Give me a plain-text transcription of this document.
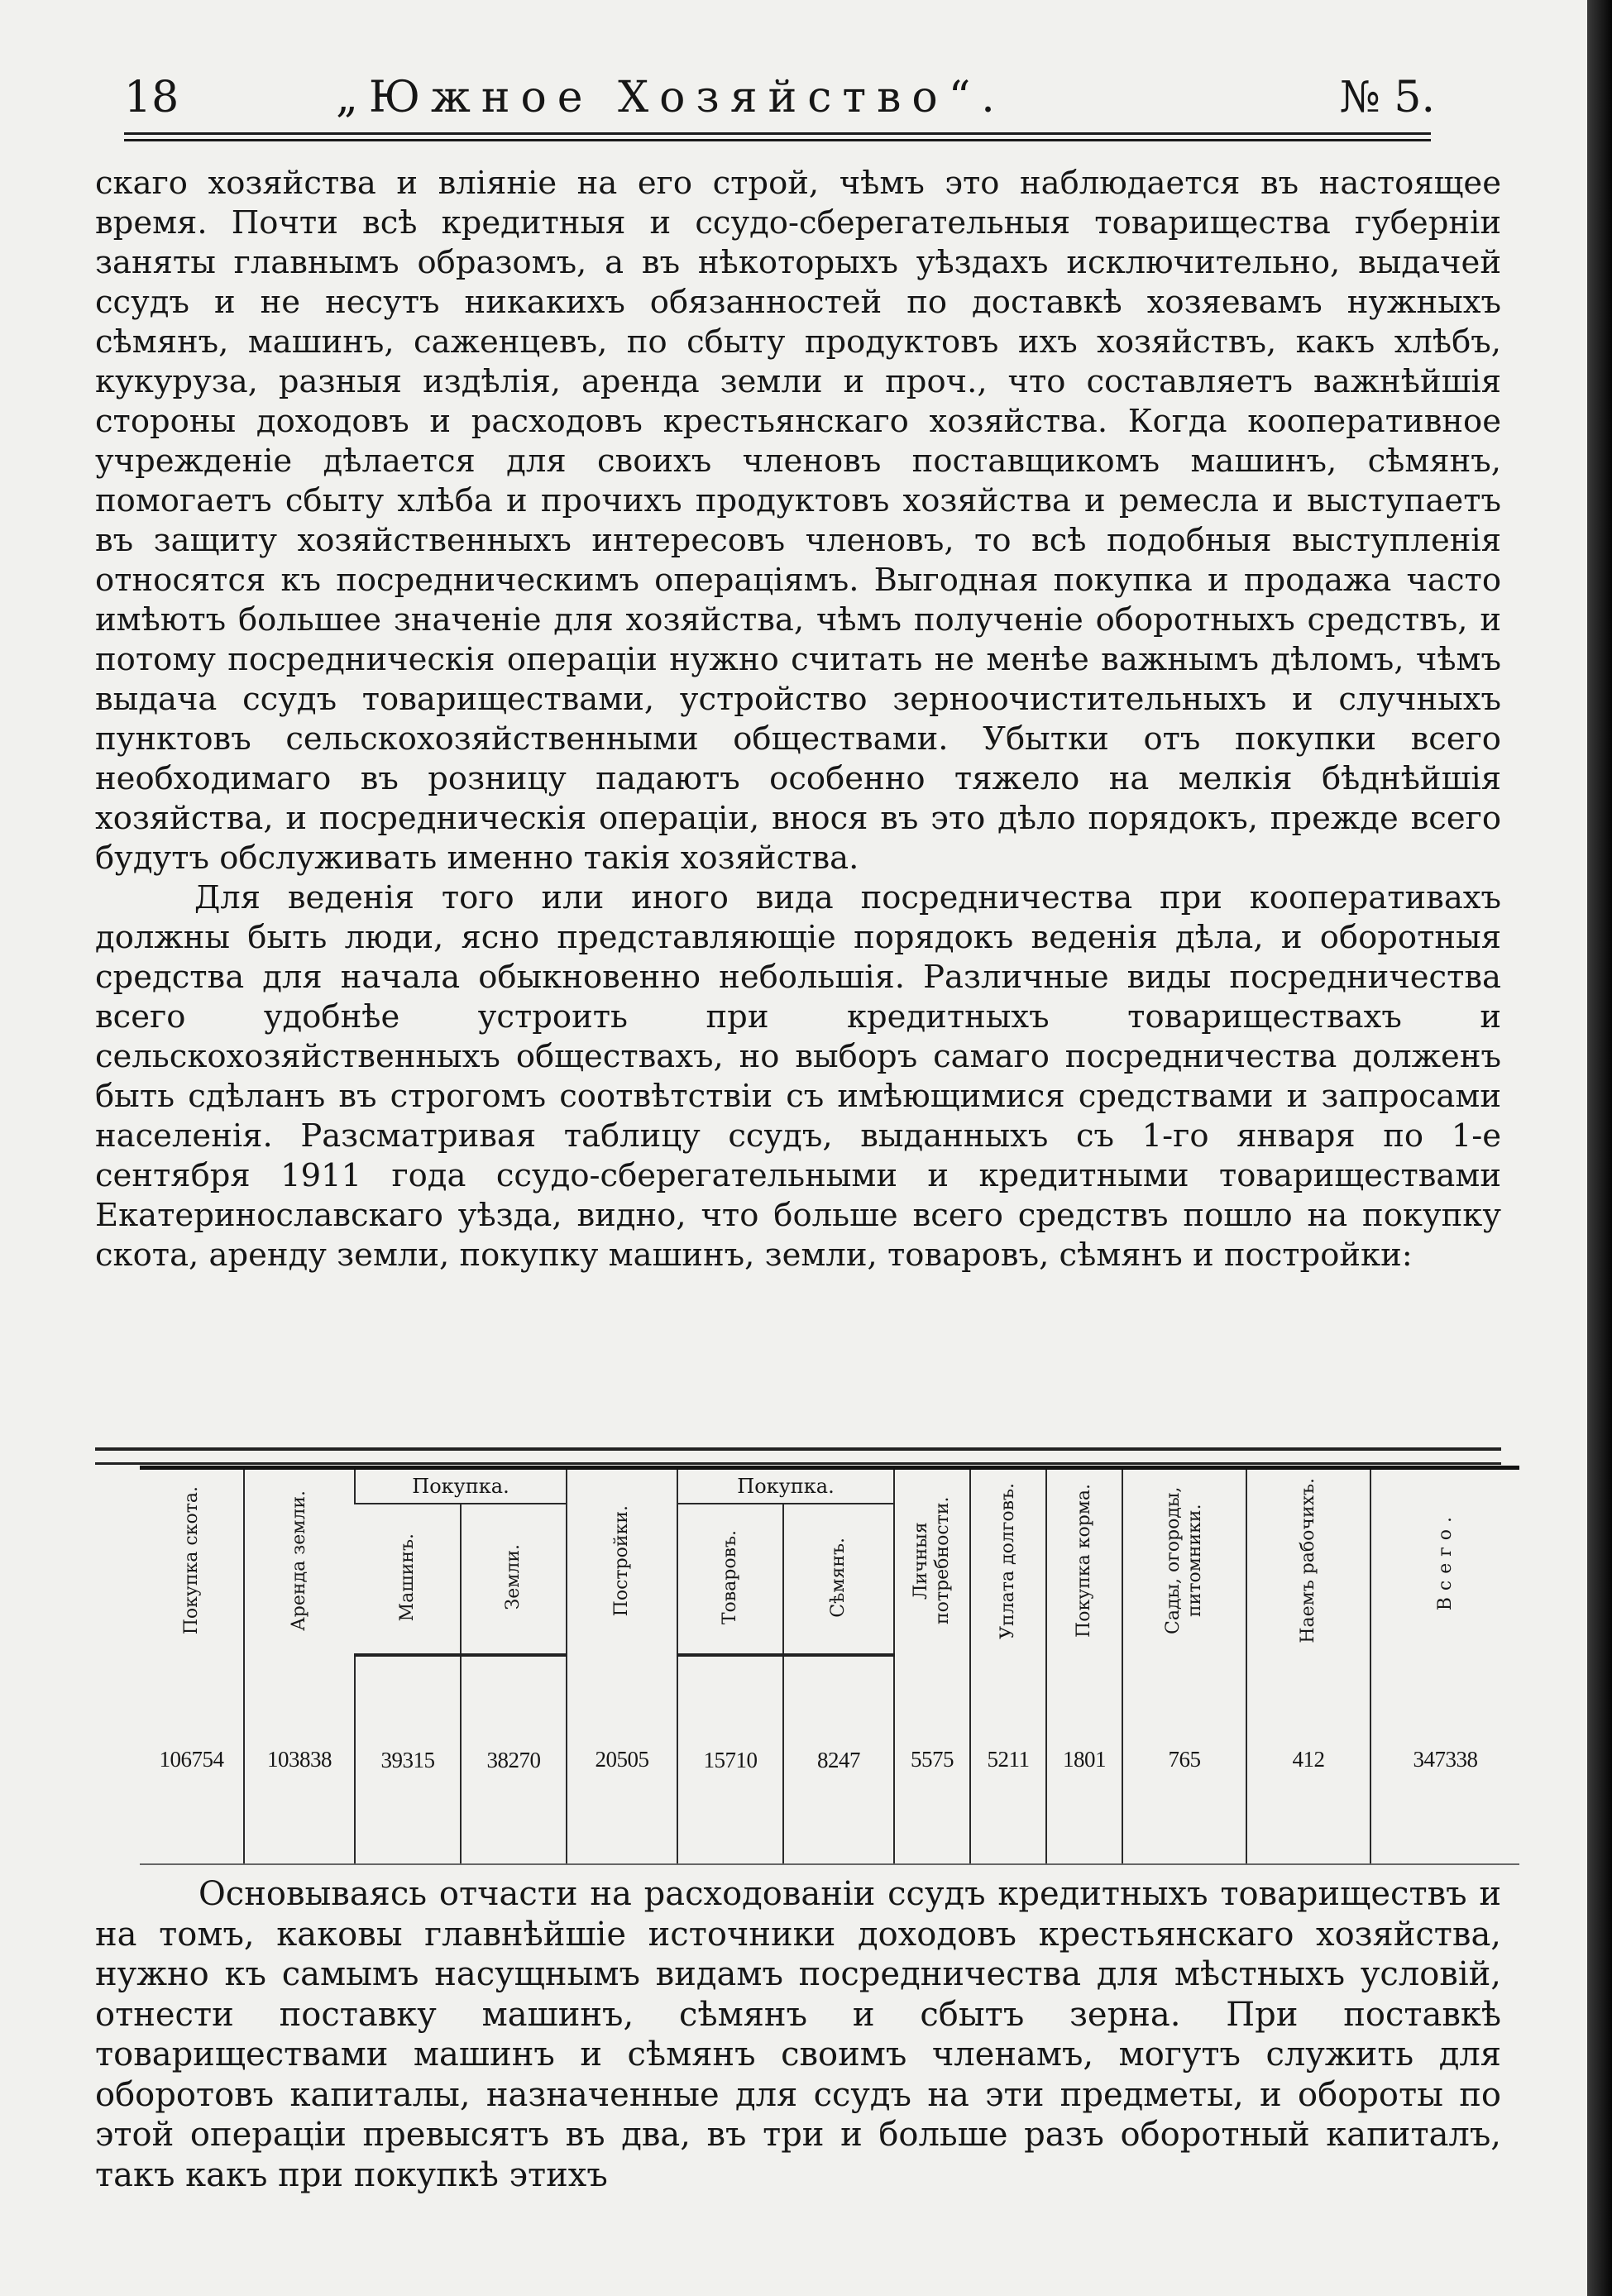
18	„Южное Хозяйство“.	№ 5.

скаго хозяйства и вліяніе на его строй, чѣмъ это наблюдается въ настоящее время. Почти всѣ кредитныя и ссудо-сберегательныя товарищества губерніи заняты главнымъ образомъ, а въ нѣкоторыхъ уѣздахъ исключительно, выдачей ссудъ и не несутъ никакихъ обязанностей по доставкѣ хозяевамъ нужныхъ сѣмянъ, машинъ, саженцевъ, по сбыту продуктовъ ихъ хозяйствъ, какъ хлѣбъ, кукуруза, разныя издѣлія, аренда земли и проч., что составляетъ важнѣйшія стороны доходовъ и расходовъ крестьянскаго хозяйства. Когда кооперативное учрежденіе дѣлается для своихъ членовъ поставщикомъ машинъ, сѣмянъ, помогаетъ сбыту хлѣба и прочихъ продуктовъ хозяйства и ремесла и выступаетъ въ защиту хозяйственныхъ интересовъ членовъ, то всѣ подобныя выступленія относятся къ посредническимъ операціямъ. Выгодная покупка и продажа часто имѣютъ большее значеніе для хозяйства, чѣмъ полученіе оборотныхъ средствъ, и потому посредническія операціи нужно считать не менѣе важнымъ дѣломъ, чѣмъ выдача ссудъ товариществами, устройство зерноочистительныхъ и случныхъ пунктовъ сельскохозяйственными обществами. Убытки отъ покупки всего необходимаго въ розницу падаютъ особенно тяжело на мелкія бѣднѣйшія хозяйства, и посредническія операціи, внося въ это дѣло порядокъ, прежде всего будутъ обслуживать именно такія хозяйства.

Для веденія того или иного вида посредничества при кооперативахъ должны быть люди, ясно представляющіе порядокъ веденія дѣла, и оборотныя средства для начала обыкновенно небольшія. Различные виды посредничества всего удобнѣе устроить при кредитныхъ товариществахъ и сельскохозяйственныхъ обществахъ, но выборъ самаго посредничества долженъ быть сдѣланъ въ строгомъ соотвѣтствіи съ имѣющимися средствами и запросами населенія. Разсматривая таблицу ссудъ, выданныхъ съ 1-го января по 1-е сентября 1911 года ссудо-сберегательными и кредитными товариществами Екатеринославскаго уѣзда, видно, что больше всего средствъ пошло на покупку скота, аренду земли, покупку машинъ, земли, товаровъ, сѣмянъ и постройки:

Покупка скота.	Аренда земли.	Покупка.		Постройки.	Покупка.		Личныя потребности.	Уплата долговъ.	Покупка корма.	Сады, огороды, питомники.	Наемъ рабочихъ.	Всего.
		Машинъ.	Земли.		Товаровъ.	Сѣмянъ.						
106754	103838	39315	38270	20505	15710	8247	5575	5211	1801	765	412	347338

Основываясь отчасти на расходованіи ссудъ кредитныхъ товариществъ и на томъ, каковы главнѣйшіе источники доходовъ крестьянскаго хозяйства, нужно къ самымъ насущнымъ видамъ посредничества для мѣстныхъ условій, отнести поставку машинъ, сѣмянъ и сбытъ зерна. При поставкѣ товариществами машинъ и сѣмянъ своимъ членамъ, могутъ служить для оборотовъ капиталы, назначенные для ссудъ на эти предметы, и обороты по этой операціи превысятъ въ два, въ три и больше разъ оборотный капиталъ, такъ какъ при покупкѣ этихъ
